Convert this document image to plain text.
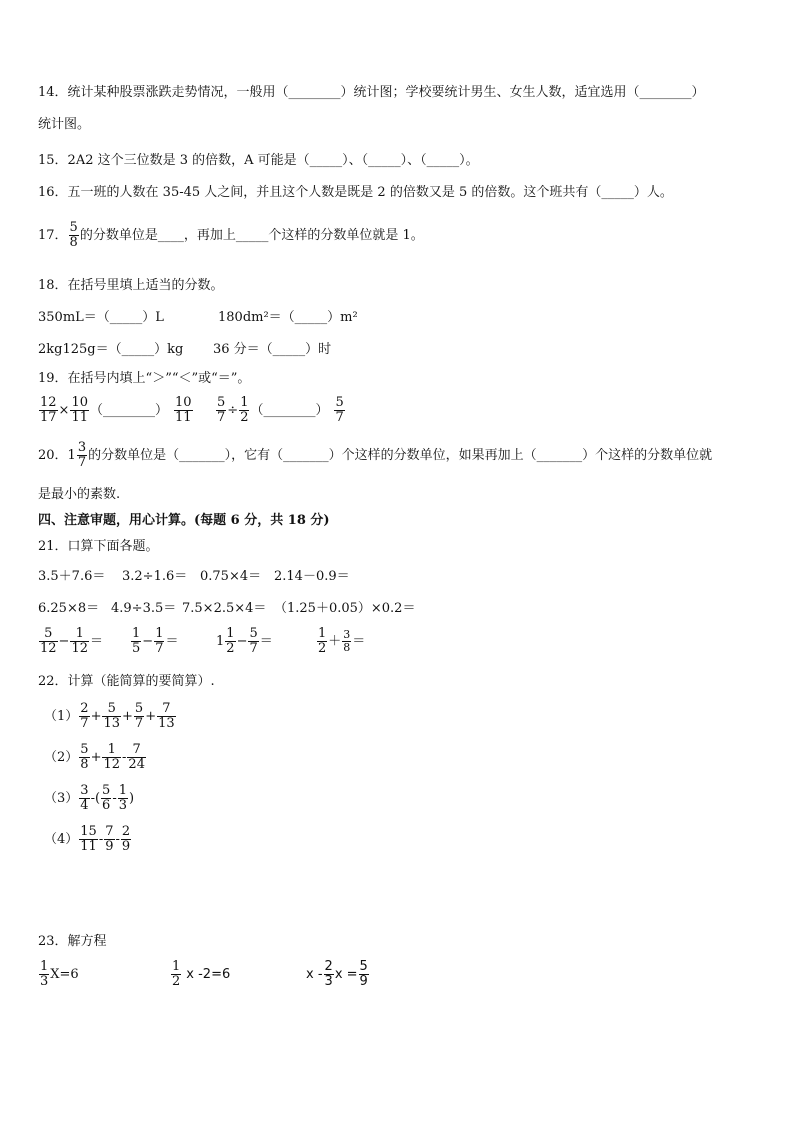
14．统计某种股票涨跌走势情况，一般用（________）统计图；学校要统计男生、女生人数，适宜选用（________）
统计图。
15．2A2 这个三位数是 3 的倍数，A 可能是（_____）、（_____）、（_____）。
16．五一班的人数在 35-45 人之间，并且这个人数是既是 2 的倍数又是 5 的倍数。这个班共有（_____）人。
17． $\frac{5}{8}$ 的分数单位是____，再加上_____个这样的分数单位就是 1。
18．在括号里填上适当的分数。
350mL＝（_____）L	180dm²＝（_____）m²
2kg125g＝（_____）kg 36 分＝（_____）时
19．在括号内填上“＞”“＜”或“＝”。
$\frac{12}{17} \times \frac{10}{11}$ （________） $\frac{10}{11} \frac{5}{7} \div \frac{1}{2}$ （________） $\frac{5}{7}$
20．$1 \frac{3}{7}$ 的分数单位是（_______），它有（_______）个这样的分数单位，如果再加上（_______）个这样的分数单位就
是最小的素数.
四、注意审题，用心计算。(每题 6 分，共 18 分)
21．口算下面各题。
3.5＋7.6＝ 3.2÷1.6＝ 0.75×4＝ 2.14－0.9＝
6.25×8＝ 4.9÷3.5＝ 7.5×2.5×4＝ （1.25＋0.05）×0.2＝
$\frac{5}{12} - \frac{1}{12} = \frac{1}{5} - \frac{1}{7}$ ＝	$1 \frac{1}{2} - \frac{5}{7}$ ＝	$\frac{1}{2} + \frac{3}{8}$ ＝
22．计算（能简算的要简算）.
$(1) \frac{2}{7} + \frac{5}{13} + \frac{5}{7} + \frac{7}{13}$
$(2) \frac{5}{8} + \frac{1}{12} - \frac{7}{24}$
$(3) \frac{3}{4}$ -( $\frac{5}{6} - \frac{1}{3}$ )
$(4) \frac{15}{11} - \frac{7}{9} - \frac{2}{9}$
23．解方程
$\frac{1}{3} X=6$	$\frac{1}{2}$ x -2=6	x - $\frac{2}{3}$ $x = \frac{5}{9}$
